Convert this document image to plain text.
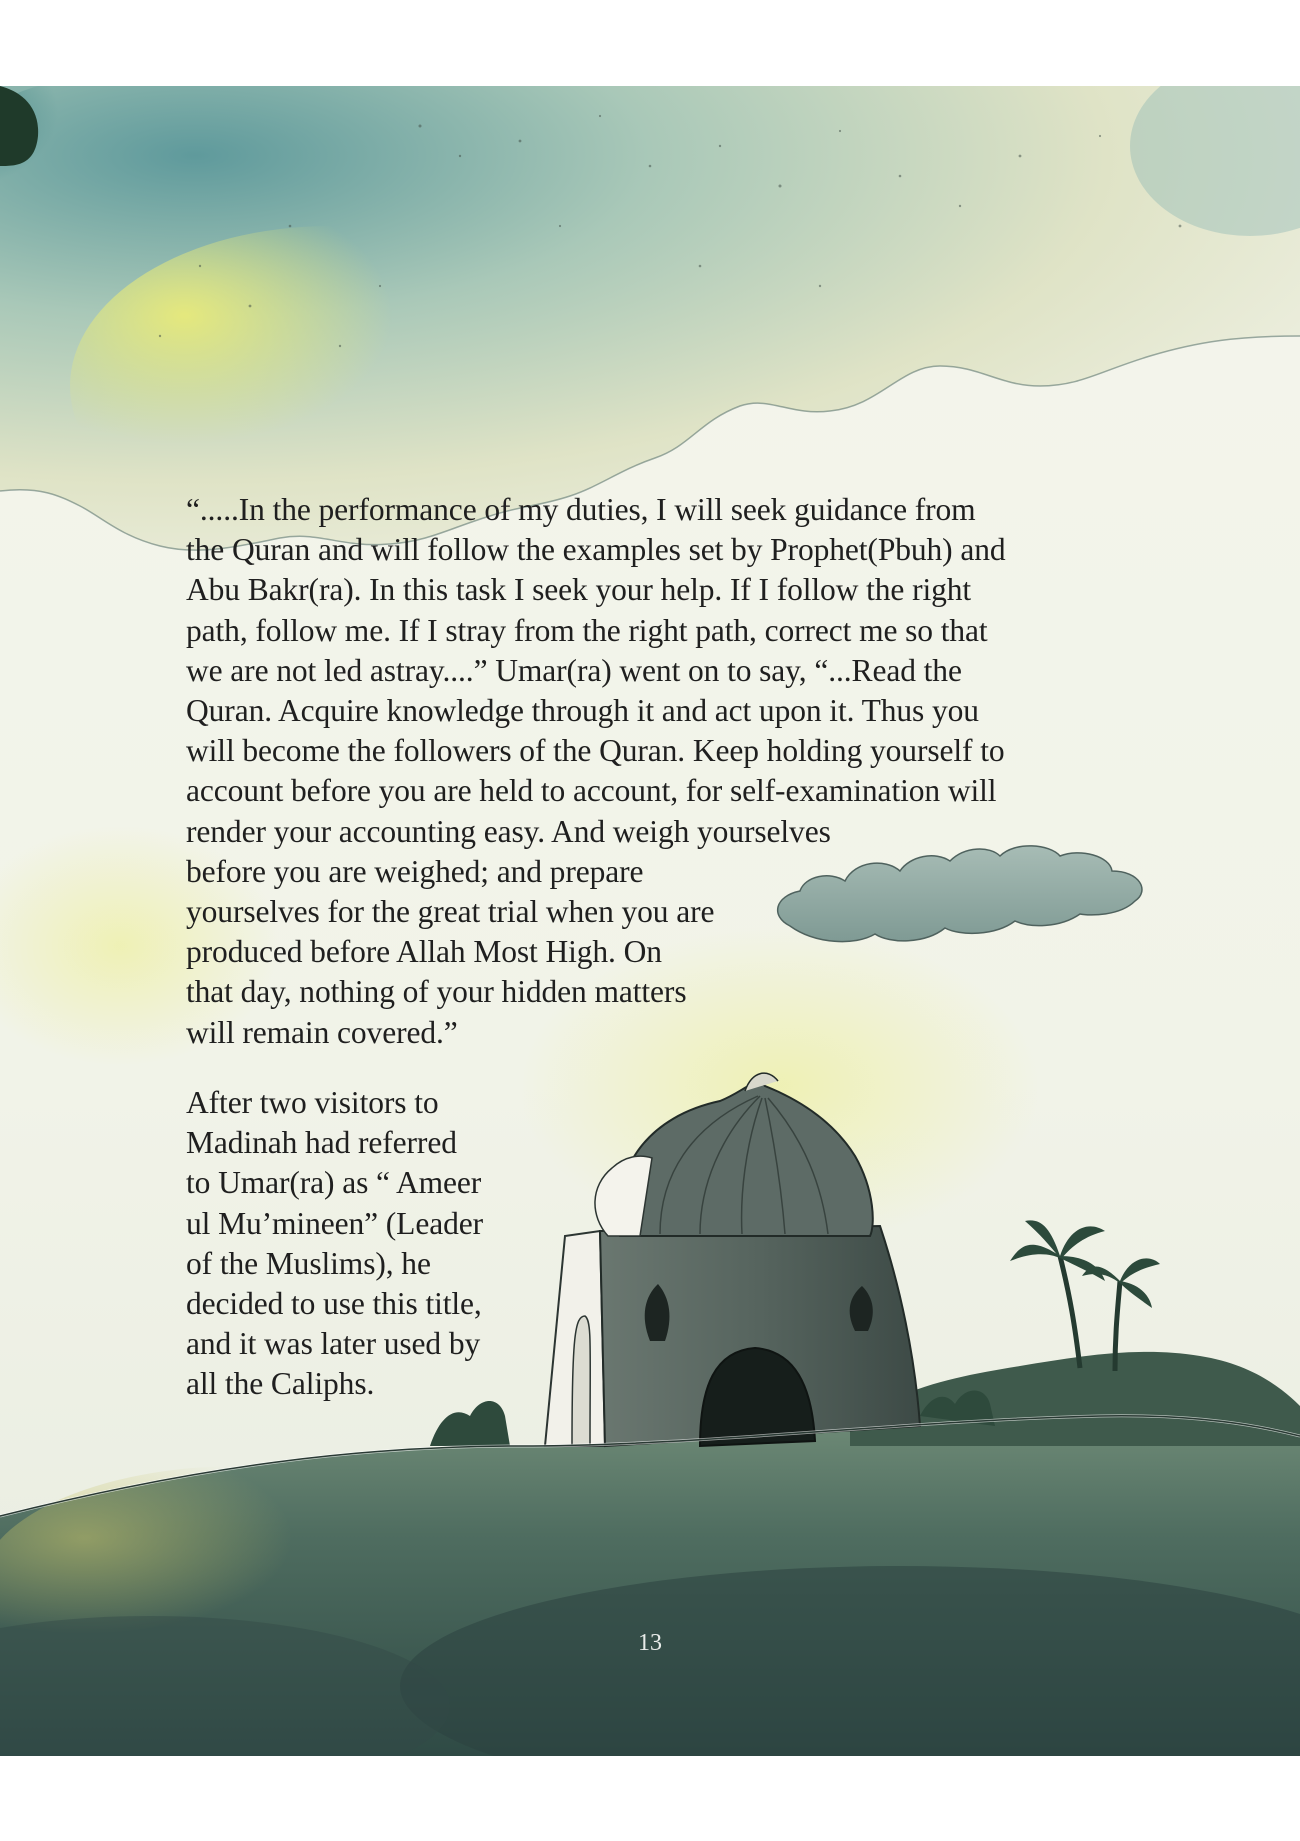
“.....In the performance of my duties, I will seek guidance from
the Quran and will follow the examples set by Prophet(Pbuh) and
Abu Bakr(ra). In this task I seek your help. If I follow the right
path, follow me. If I stray from the right path, correct me so that
we are not led astray....” Umar(ra) went on to say, “...Read the
Quran. Acquire knowledge through it and act upon it. Thus you
will become the followers of the Quran. Keep holding yourself to
account before you are held to account, for self-examination will
render your accounting easy. And weigh yourselves
before you are weighed; and prepare
yourselves for the great trial when you are
produced before Allah Most High. On
that day, nothing of your hidden matters
will remain covered.”
After two visitors to
Madinah had referred
to Umar(ra) as “ Ameer
ul Mu’mineen” (Leader
of the Muslims), he
decided to use this title,
and it was later used by
all the Caliphs.
13
